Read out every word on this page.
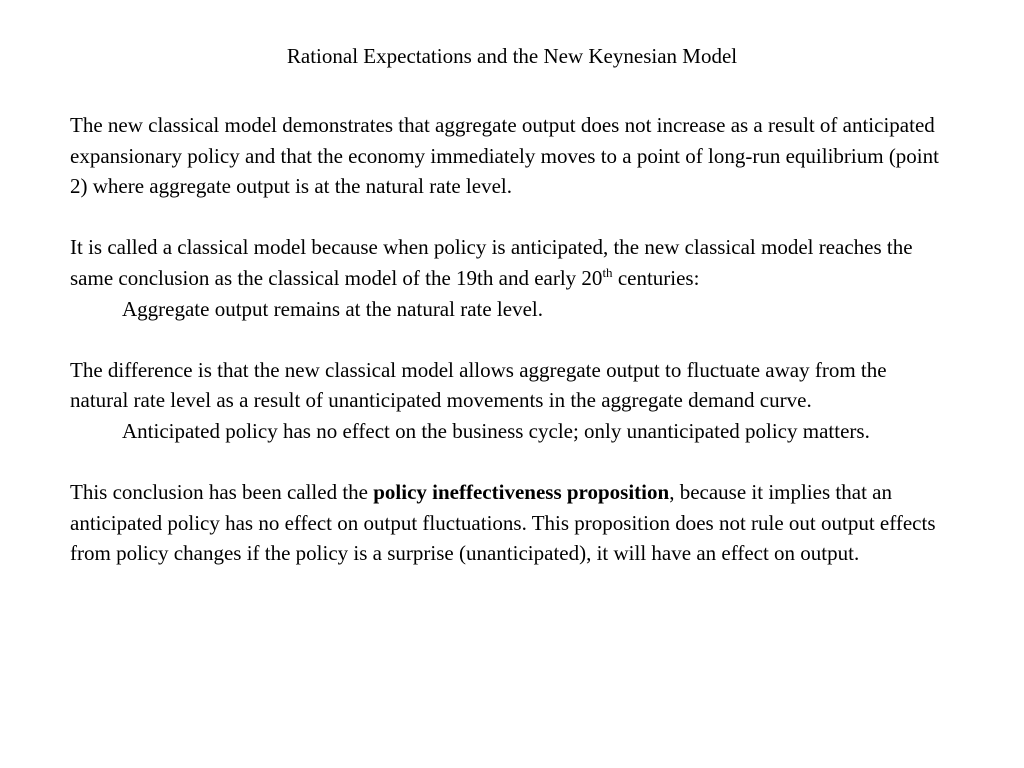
Rational Expectations and the New Keynesian Model

The new classical model demonstrates that aggregate output does not increase as a result of anticipated expansionary policy and that the economy immediately moves to a point of long-run equilibrium (point 2) where aggregate output is at the natural rate level.

It is called a classical model because when policy is anticipated, the new classical model reaches the same conclusion as the classical model of the 19th and early 20th centuries:
Aggregate output remains at the natural rate level.

The difference is that the new classical model allows aggregate output to fluctuate away from the natural rate level as a result of unanticipated movements in the aggregate demand curve.
Anticipated policy has no effect on the business cycle; only unanticipated policy matters.

This conclusion has been called the policy ineffectiveness proposition, because it implies that an anticipated policy has no effect on output fluctuations. This proposition does not rule out output effects from policy changes if the policy is a surprise (unanticipated), it will have an effect on output.
